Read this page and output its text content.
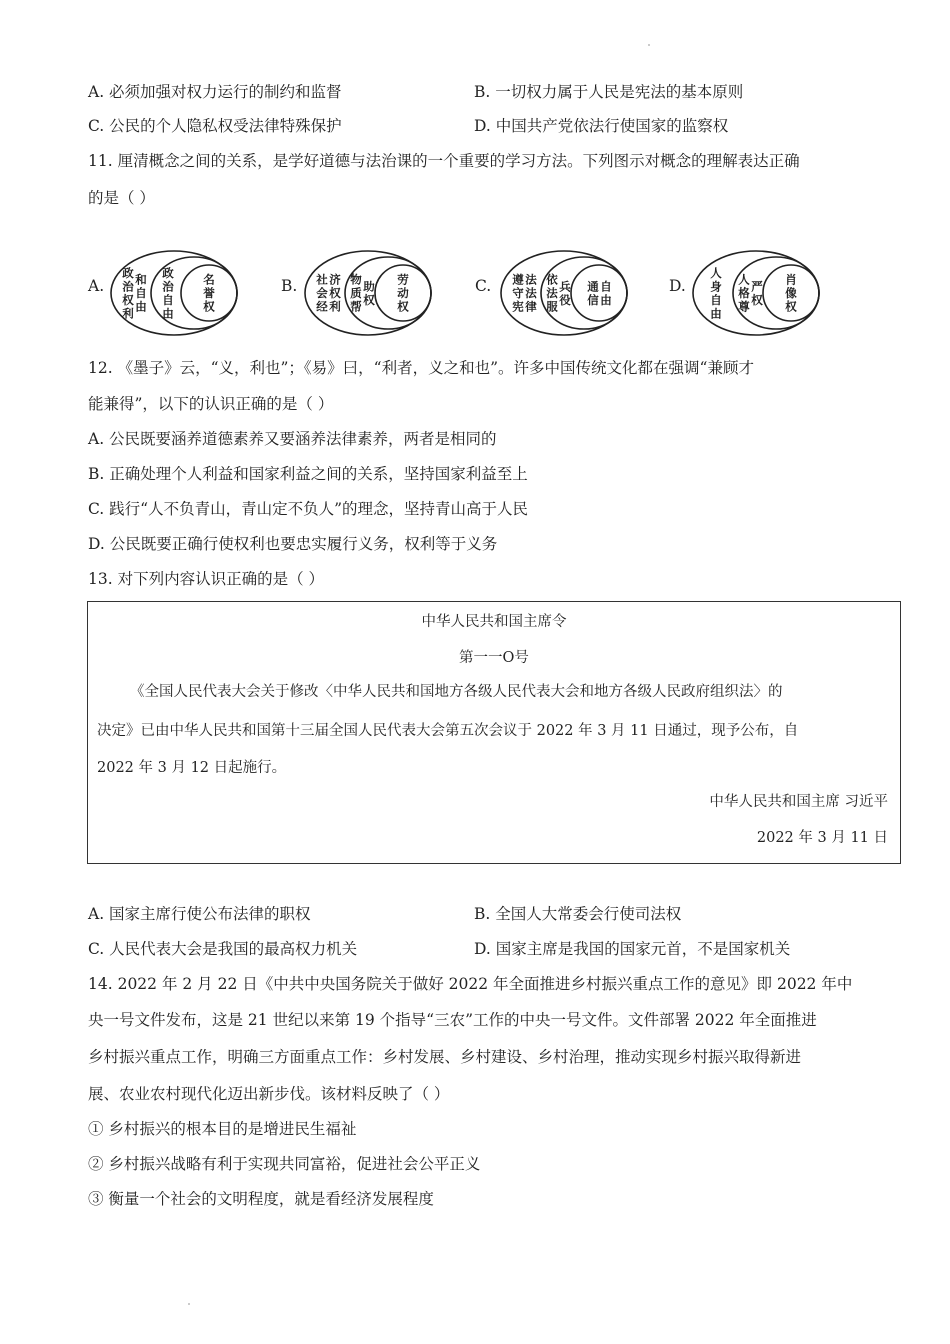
A. 必须加强对权力运行的制约和监督	B. 一切权力属于人民是宪法的基本原则
C. 公民的个人隐私权受法律特殊保护	D. 中国共产党依法行使国家的监察权
11. 厘清概念之间的关系，是学好道德与法治课的一个重要的学习方法。下列图示对概念的理解表达正确
的是（ ）
A.	B.	C.	D.
政治权利和自由
政治自由
名誉权
社会经济权利
物质帮助权
劳动权
遵守宪法法律
依法服兵役
通信自由
人身自由
人格尊严权
肖像权
12. 《墨子》云，“义，利也”；《易》曰，“利者，义之和也”。许多中国传统文化都在强调“兼顾才
能兼得”，以下的认识正确的是（ ）
A. 公民既要涵养道德素养又要涵养法律素养，两者是相同的
B. 正确处理个人利益和国家利益之间的关系，坚持国家利益至上
C. 践行“人不负青山，青山定不负人”的理念，坚持青山高于人民
D. 公民既要正确行使权利也要忠实履行义务，权利等于义务
13. 对下列内容认识正确的是（ ）
中华人民共和国主席令
第一一O号
《全国人民代表大会关于修改〈中华人民共和国地方各级人民代表大会和地方各级人民政府组织法〉的
决定》已由中华人民共和国第十三届全国人民代表大会第五次会议于 2022 年 3 月 11 日通过，现予公布，自
2022 年 3 月 12 日起施行。
中华人民共和国主席 习近平
2022 年 3 月 11 日
A. 国家主席行使公布法律的职权	B. 全国人大常委会行使司法权
C. 人民代表大会是我国的最高权力机关	D. 国家主席是我国的国家元首，不是国家机关
14. 2022 年 2 月 22 日《中共中央国务院关于做好 2022 年全面推进乡村振兴重点工作的意见》即 2022 年中
央一号文件发布，这是 21 世纪以来第 19 个指导“三农”工作的中央一号文件。文件部署 2022 年全面推进
乡村振兴重点工作，明确三方面重点工作：乡村发展、乡村建设、乡村治理，推动实现乡村振兴取得新进
展、农业农村现代化迈出新步伐。该材料反映了（ ）
① 乡村振兴的根本目的是增进民生福祉
② 乡村振兴战略有利于实现共同富裕，促进社会公平正义
③ 衡量一个社会的文明程度，就是看经济发展程度
